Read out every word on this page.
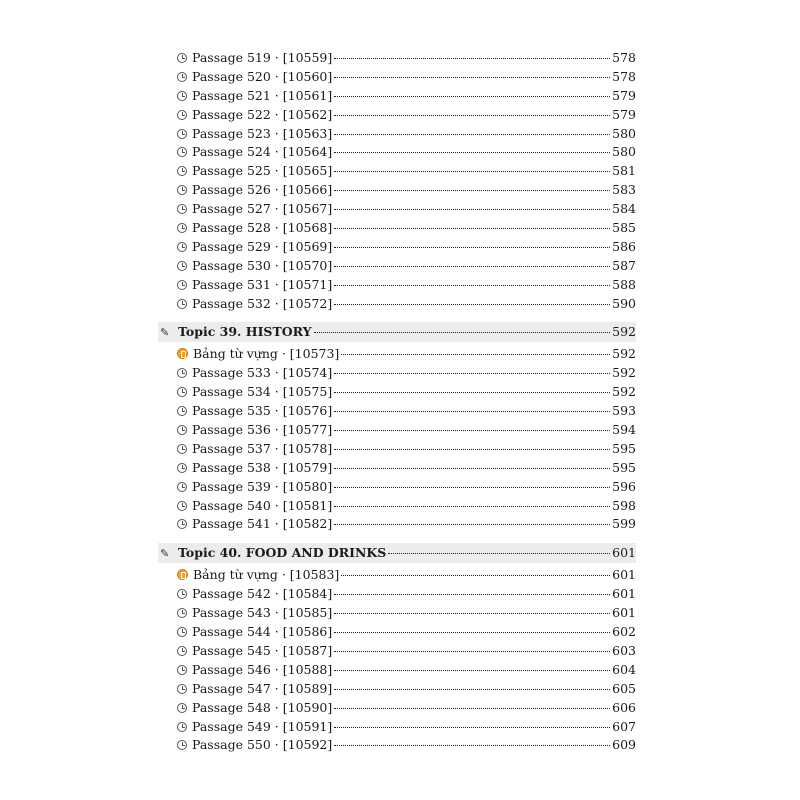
Passage 519 · [10559]	578
Passage 520 · [10560]	578
Passage 521 · [10561]	579
Passage 522 · [10562]	579
Passage 523 · [10563]	580
Passage 524 · [10564]	580
Passage 525 · [10565]	581
Passage 526 · [10566]	583
Passage 527 · [10567]	584
Passage 528 · [10568]	585
Passage 529 · [10569]	586
Passage 530 · [10570]	587
Passage 531 · [10571]	588
Passage 532 · [10572]	590
✎ Topic 39. HISTORY	592
Bảng từ vựng · [10573]	592
Passage 533 · [10574]	592
Passage 534 · [10575]	592
Passage 535 · [10576]	593
Passage 536 · [10577]	594
Passage 537 · [10578]	595
Passage 538 · [10579]	595
Passage 539 · [10580]	596
Passage 540 · [10581]	598
Passage 541 · [10582]	599
✎ Topic 40. FOOD AND DRINKS	601
Bảng từ vựng · [10583]	601
Passage 542 · [10584]	601
Passage 543 · [10585]	601
Passage 544 · [10586]	602
Passage 545 · [10587]	603
Passage 546 · [10588]	604
Passage 547 · [10589]	605
Passage 548 · [10590]	606
Passage 549 · [10591]	607
Passage 550 · [10592]	609
